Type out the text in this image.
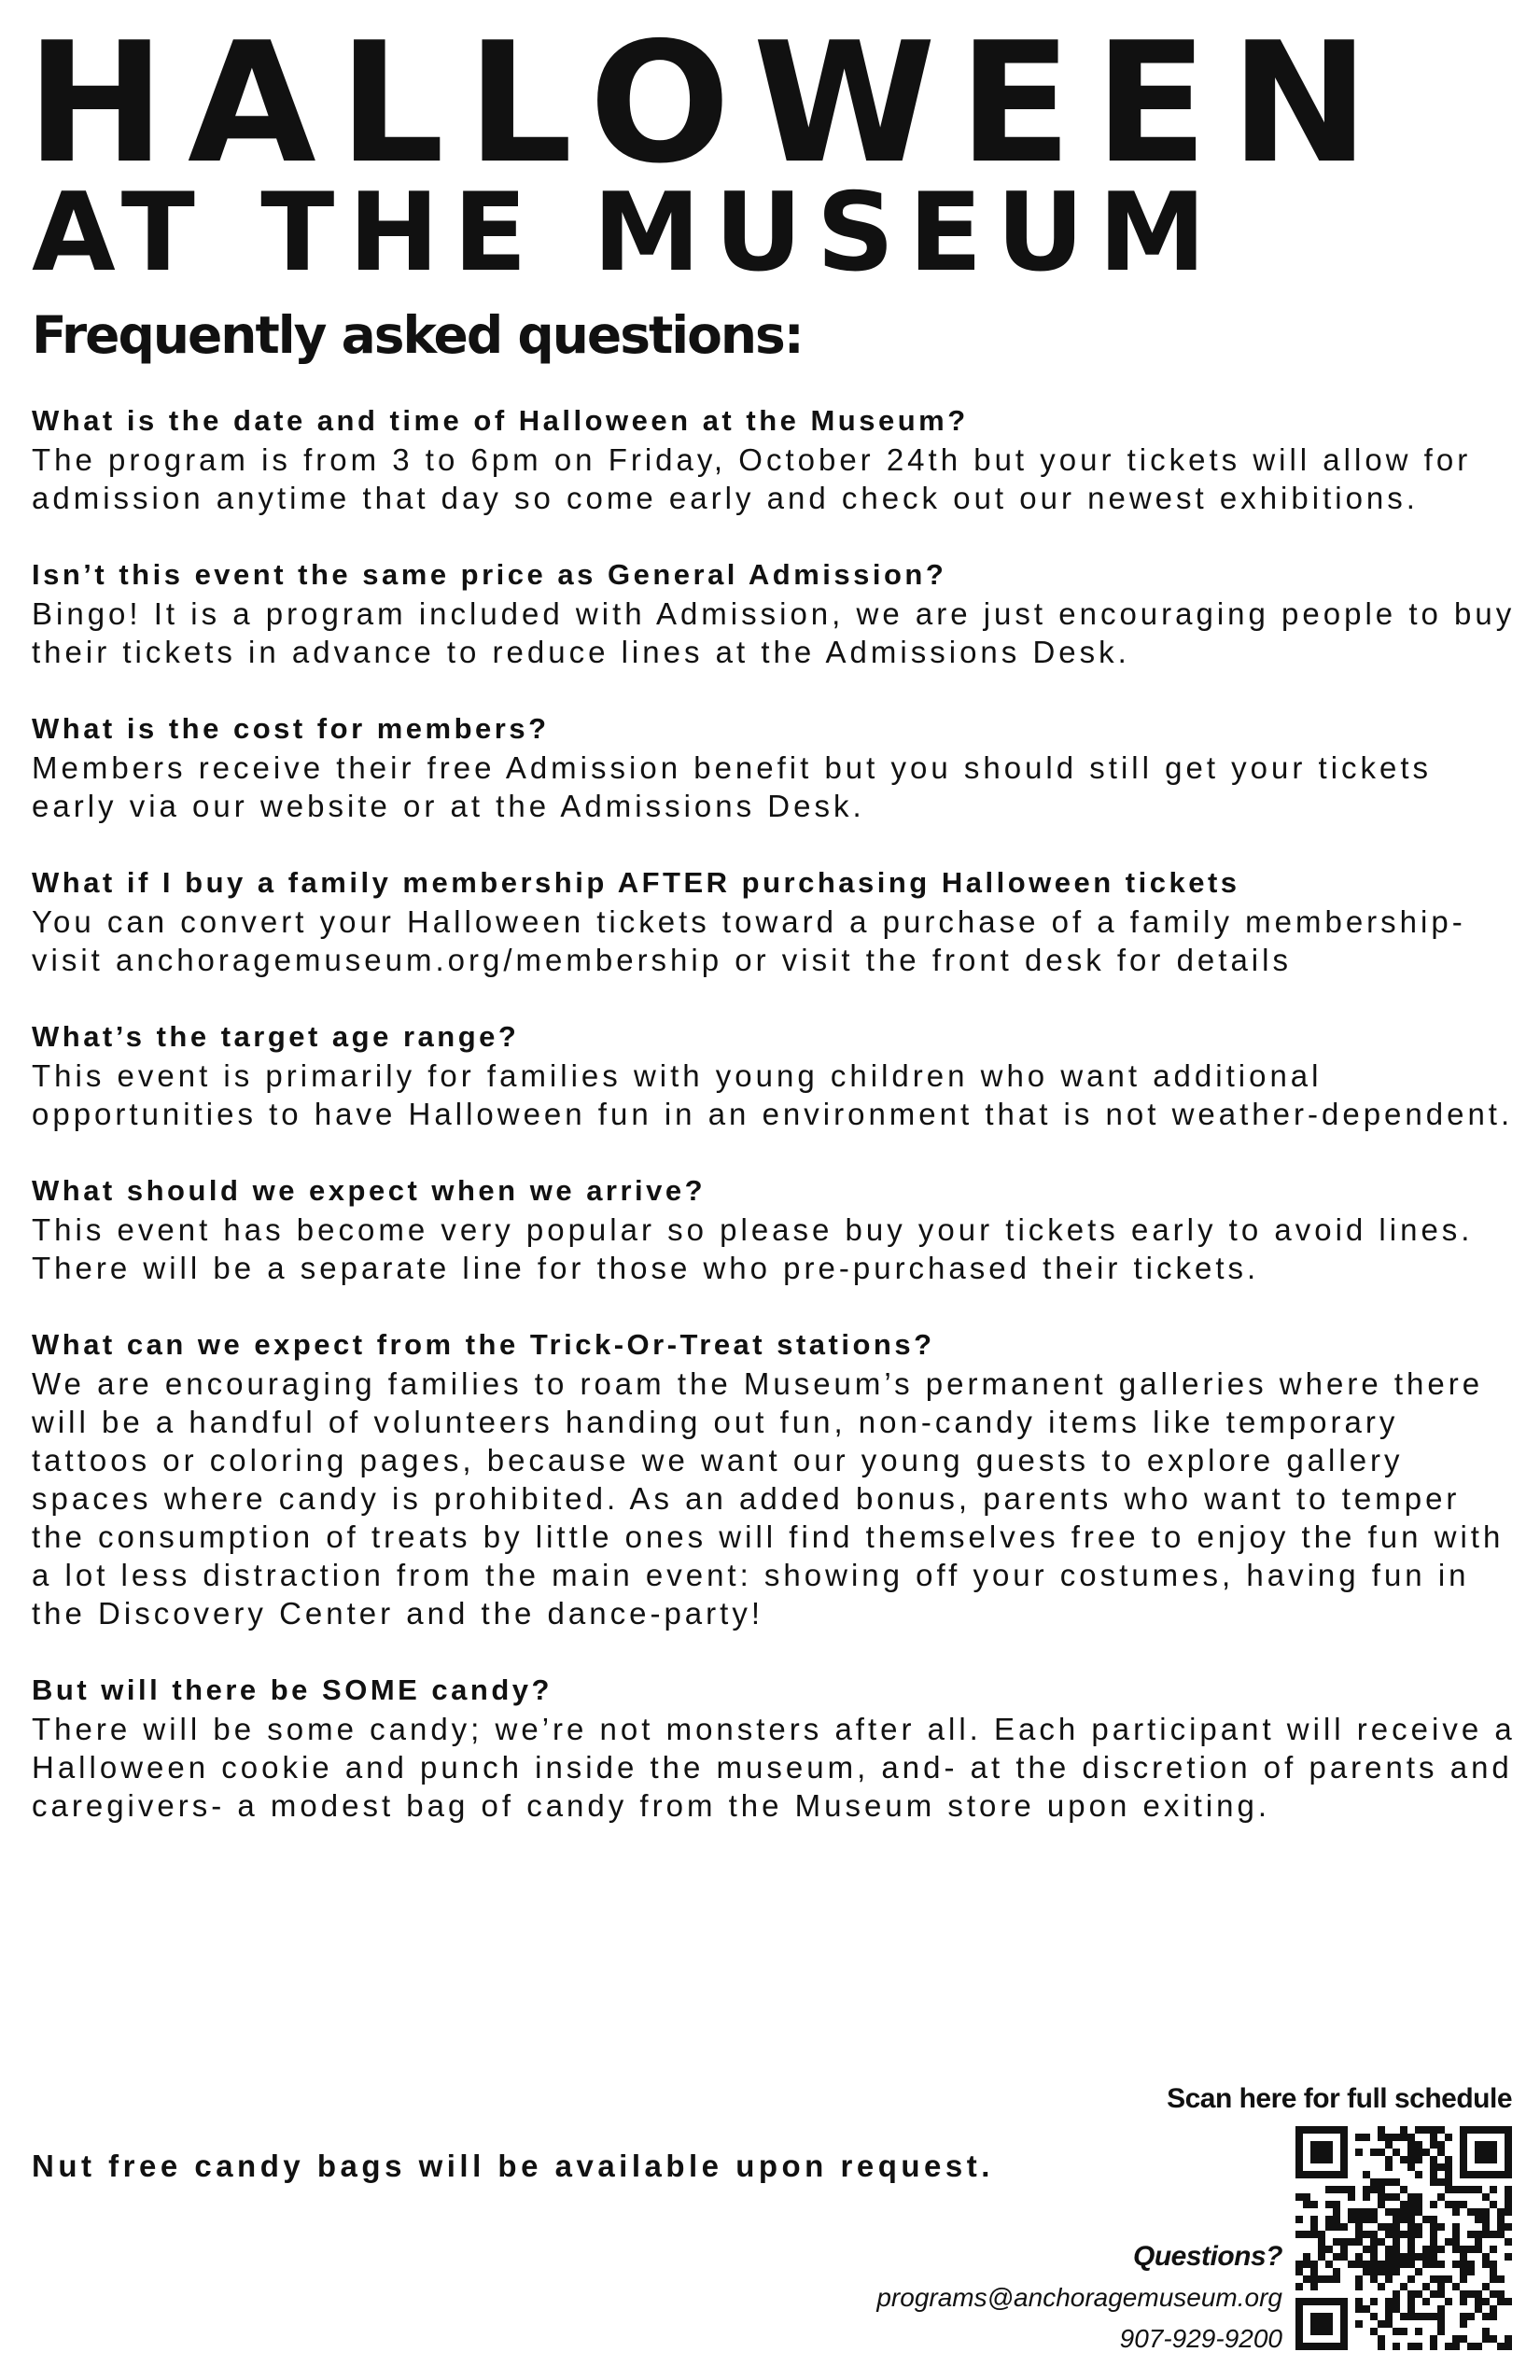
HALLOWEEN
AT THE MUSEUM
Frequently asked questions:

What is the date and time of Halloween at the Museum?

The program is from 3 to 6pm on Friday, October 24th but your tickets will allow for admission anytime that day so come early and check out our newest exhibitions.

Isn’t this event the same price as General Admission?

Bingo! It is a program included with Admission, we are just encouraging people to buy their tickets in advance to reduce lines at the Admissions Desk.

What is the cost for members?

Members receive their free Admission benefit but you should still get your tickets early via our website or at the Admissions Desk.

What if I buy a family membership AFTER purchasing Halloween tickets

You can convert your Halloween tickets toward a purchase of a family membership- visit anchoragemuseum.org/membership or visit the front desk for details

What’s the target age range?

This event is primarily for families with young children who want additional opportunities to have Halloween fun in an environment that is not weather-dependent.

What should we expect when we arrive?

This event has become very popular so please buy your tickets early to avoid lines. There will be a separate line for those who pre-purchased their tickets.

What can we expect from the Trick-Or-Treat stations?

We are encouraging families to roam the Museum’s permanent galleries where there will be a handful of volunteers handing out fun, non-candy items like temporary tattoos or coloring pages, because we want our young guests to explore gallery spaces where candy is prohibited. As an added bonus, parents who want to temper the consumption of treats by little ones will find themselves free to enjoy the fun with a lot less distraction from the main event: showing off your costumes, having fun in the Discovery Center and the dance-party!

But will there be SOME candy?

There will be some candy; we’re not monsters after all. Each participant will receive a Halloween cookie and punch inside the museum, and- at the discretion of parents and caregivers- a modest bag of candy from the Museum store upon exiting.

Nut free candy bags will be available upon request.

Scan here for full schedule

Questions?

programs@anchoragemuseum.org

907-929-9200
